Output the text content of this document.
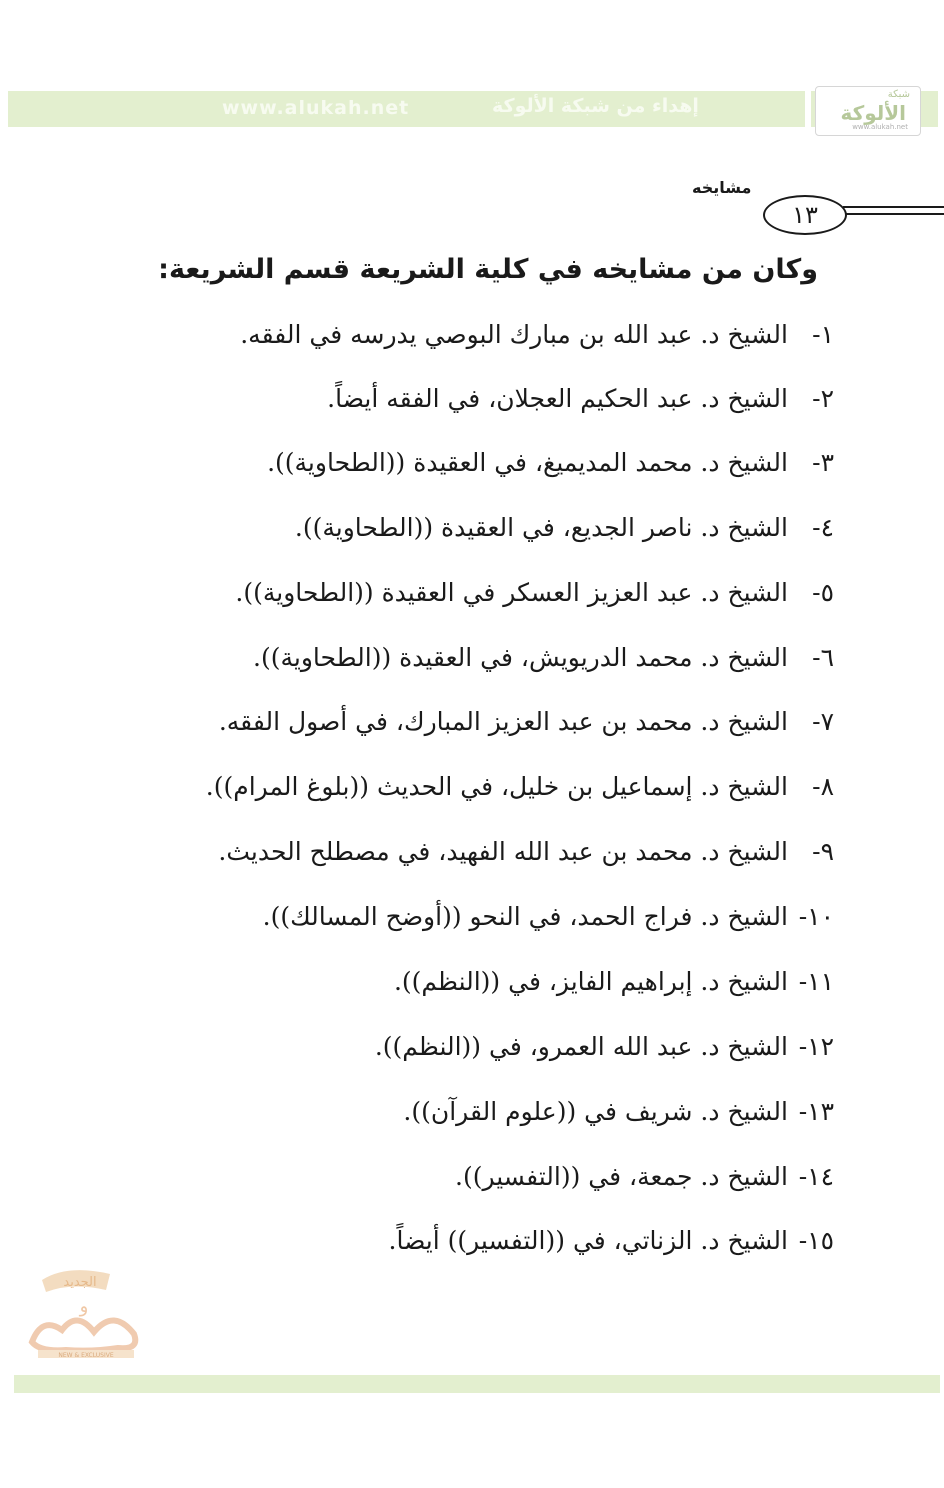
www.alukah.net	إهداء من شبكة الألوكة
شبكة
الألوكة
www.alukah.net
مشايخه
١٣
وكان من مشايخه في كلية الشريعة قسم الشريعة:
١-الشيخ د. عبد الله بن مبارك البوصي يدرسه في الفقه.
٢-الشيخ د. عبد الحكيم العجلان، في الفقه أيضاً.
٣-الشيخ د. محمد المديميغ، في العقيدة ((الطحاوية)).
٤-الشيخ د. ناصر الجديع، في العقيدة ((الطحاوية)).
٥-الشيخ د. عبد العزيز العسكر في العقيدة ((الطحاوية)).
٦-الشيخ د. محمد الدريويش، في العقيدة ((الطحاوية)).
٧-الشيخ د. محمد بن عبد العزيز المبارك، في أصول الفقه.
٨-الشيخ د. إسماعيل بن خليل، في الحديث ((بلوغ المرام)).
٩-الشيخ د. محمد بن عبد الله الفهيد، في مصطلح الحديث.
١٠-الشيخ د. فراج الحمد، في النحو ((أوضح المسالك)).
١١-الشيخ د. إبراهيم الفايز، في ((النظم)).
١٢-الشيخ د. عبد الله العمرو، في ((النظم)).
١٣-الشيخ د. شريف في ((علوم القرآن)).
١٤-الشيخ د. جمعة، في ((التفسير)).
١٥-الشيخ د. الزناتي، في ((التفسير)) أيضاً.
الجديد
و
NEW & EXCLUSIVE
